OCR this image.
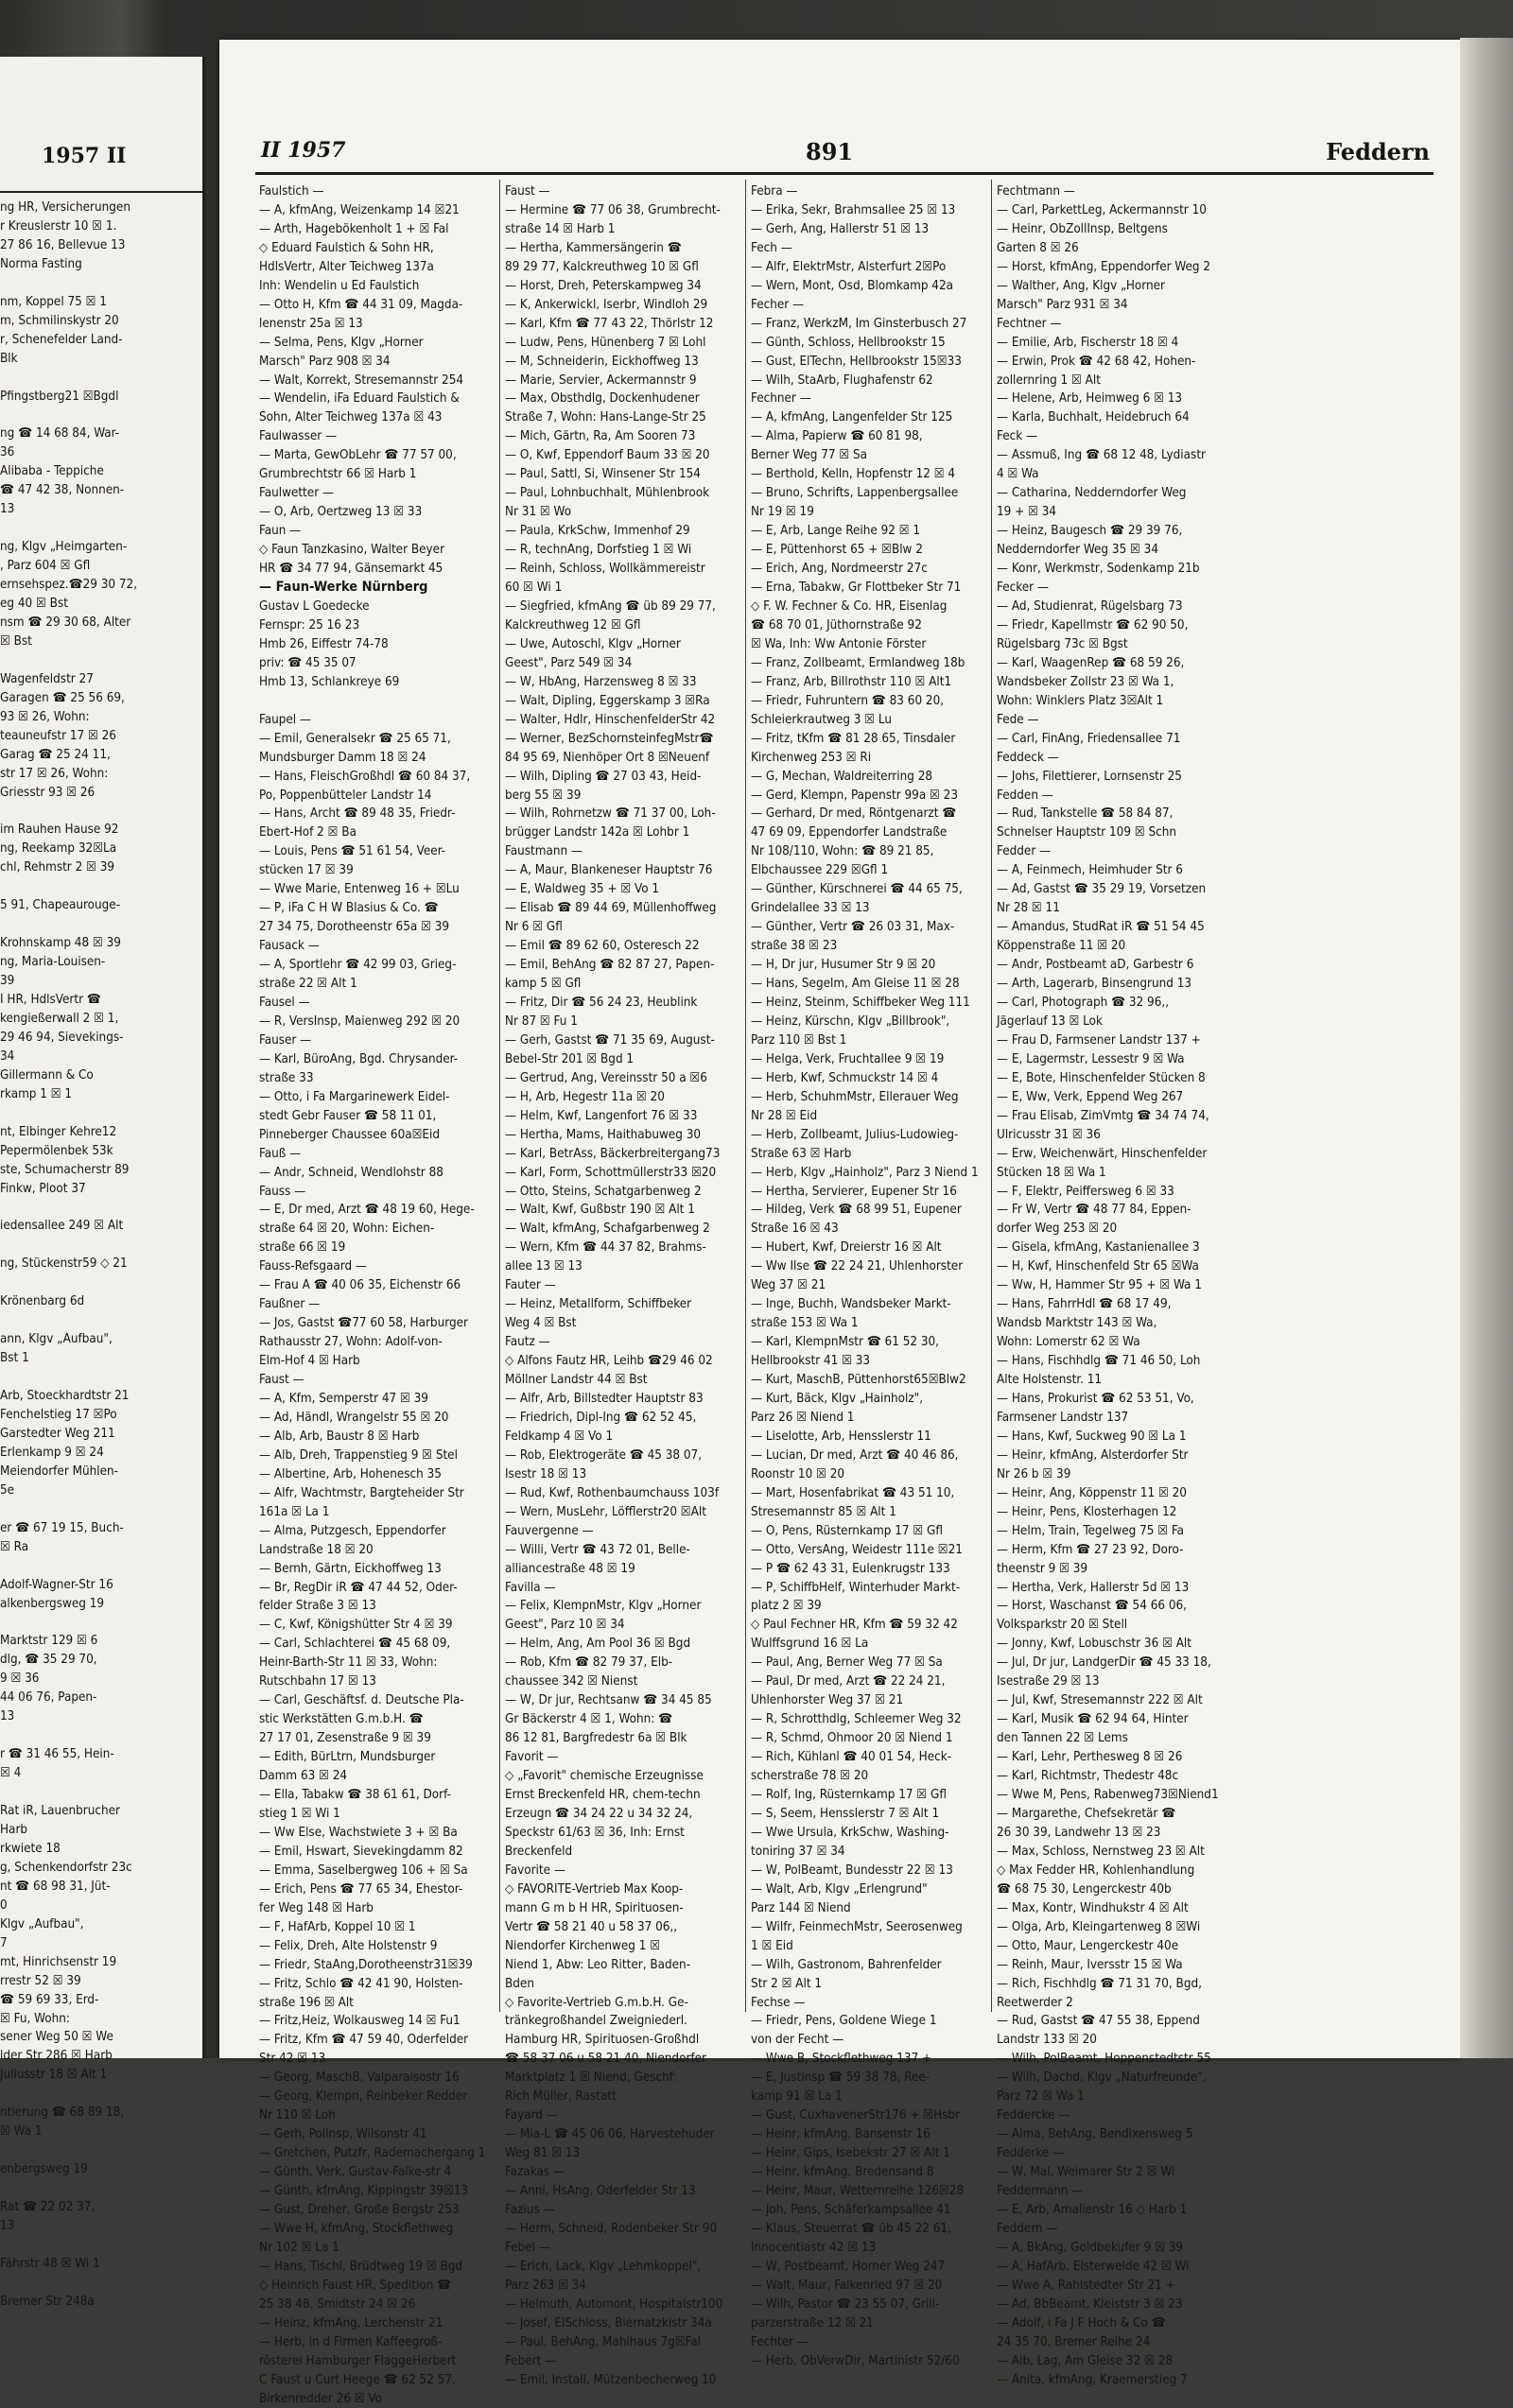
1957 II
ng HR, Versicherungen
r Kreuslerstr 10 ☒ 1.
27 86 16, Bellevue 13
Norma Fasting

nm, Koppel 75 ☒ 1
m, Schmilinskystr 20
r, Schenefelder Land-
Blk

Pfingstberg21 ☒Bgdl

ng ☎ 14 68 84, War-
36
Alibaba - Teppiche
☎ 47 42 38, Nonnen-
13

ng, Klgv „Heimgarten-
, Parz 604 ☒ Gfl
ernsehspez.☎29 30 72,
eg 40 ☒ Bst
nsm ☎ 29 30 68, Alter
☒ Bst

Wagenfeldstr 27
Garagen ☎ 25 56 69,
93 ☒ 26, Wohn:
teauneufstr 17 ☒ 26
Garag ☎ 25 24 11,
str 17 ☒ 26, Wohn:
Griesstr 93 ☒ 26

im Rauhen Hause 92
ng, Reekamp 32☒La
chl, Rehmstr 2 ☒ 39

5 91, Chapeaurouge-

Krohnskamp 48 ☒ 39
ng, Maria-Louisen-
39
I HR, HdlsVertr ☎
kengießerwall 2 ☒ 1,
29 46 94, Sievekings-
34
Gillermann & Co
rkamp 1 ☒ 1

nt, Elbinger Kehre12
Pepermölenbek 53k
ste, Schumacherstr 89
Finkw, Ploot 37

iedensallee 249 ☒ Alt

ng, Stückenstr59 ◇ 21

Krönenbarg 6d

ann, Klgv „Aufbau",
Bst 1

Arb, Stoeckhardtstr 21
Fenchelstieg 17 ☒Po
Garstedter Weg 211
Erlenkamp 9 ☒ 24
Meiendorfer Mühlen-
5e

er ☎ 67 19 15, Buch-
☒ Ra

Adolf-Wagner-Str 16
alkenbergsweg 19

Marktstr 129 ☒ 6
dlg, ☎ 35 29 70,
9 ☒ 36
44 06 76, Papen-
13

r ☎ 31 46 55, Hein-
☒ 4

Rat iR, Lauenbrucher
Harb
rkwiete 18
g, Schenkendorfstr 23c
nt ☎ 68 98 31, Jüt-
0
Klgv „Aufbau",
7
mt, Hinrichsenstr 19
rrestr 52 ☒ 39
☎ 59 69 33, Erd-
☒ Fu, Wohn:
sener Weg 50 ☒ We
lder Str 286 ☒ Harb
Juliusstr 18 ☒ Alt 1

ntierung ☎ 68 89 18,
☒ Wa 1

enbergsweg 19

Rat ☎ 22 02 37,
13

Fährstr 48 ☒ Wi 1

Bremer Str 248a
II 1957	891	Feddern
Faulstich —
— A, kfmAng, Weizenkamp 14 ☒21
— Arth, Hagebökenholt 1 + ☒ Fal
◇ Eduard Faulstich & Sohn HR,
HdlsVertr, Alter Teichweg 137a
Inh: Wendelin u Ed Faulstich
— Otto H, Kfm ☎ 44 31 09, Magda-
lenenstr 25a ☒ 13
— Selma, Pens, Klgv „Horner
Marsch" Parz 908 ☒ 34
— Walt, Korrekt, Stresemannstr 254
— Wendelin, iFa Eduard Faulstich &
Sohn, Alter Teichweg 137a ☒ 43
Faulwasser —
— Marta, GewObLehr ☎ 77 57 00,
Grumbrechtstr 66 ☒ Harb 1
Faulwetter —
— O, Arb, Oertzweg 13 ☒ 33
Faun —
◇ Faun Tanzkasino, Walter Beyer
HR ☎ 34 77 94, Gänsemarkt 45
— Faun-Werke Nürnberg
Gustav L Goedecke
Fernspr: 25 16 23
Hmb 26, Eiffestr 74-78
priv: ☎ 45 35 07
Hmb 13, Schlankreye 69

Faupel —
— Emil, Generalsekr ☎ 25 65 71,
Mundsburger Damm 18 ☒ 24
— Hans, FleischGroßhdl ☎ 60 84 37,
Po, Poppenbütteler Landstr 14
— Hans, Archt ☎ 89 48 35, Friedr-
Ebert-Hof 2 ☒ Ba
— Louis, Pens ☎ 51 61 54, Veer-
stücken 17 ☒ 39
— Wwe Marie, Entenweg 16 + ☒Lu
— P, iFa C H W Blasius & Co. ☎
27 34 75, Dorotheenstr 65a ☒ 39
Fausack —
— A, Sportlehr ☎ 42 99 03, Grieg-
straße 22 ☒ Alt 1
Fausel —
— R, VersInsp, Maienweg 292 ☒ 20
Fauser —
— Karl, BüroAng, Bgd. Chrysander-
straße 33
— Otto, i Fa Margarinewerk Eidel-
stedt Gebr Fauser ☎ 58 11 01,
Pinneberger Chaussee 60a☒Eid
Fauß —
— Andr, Schneid, Wendlohstr 88
Fauss —
— E, Dr med, Arzt ☎ 48 19 60, Hege-
straße 64 ☒ 20, Wohn: Eichen-
straße 66 ☒ 19
Fauss-Refsgaard —
— Frau A ☎ 40 06 35, Eichenstr 66
Faußner —
— Jos, Gastst ☎77 60 58, Harburger
Rathausstr 27, Wohn: Adolf-von-
Elm-Hof 4 ☒ Harb
Faust —
— A, Kfm, Semperstr 47 ☒ 39
— Ad, Händl, Wrangelstr 55 ☒ 20
— Alb, Arb, Baustr 8 ☒ Harb
— Alb, Dreh, Trappenstieg 9 ☒ Stel
— Albertine, Arb, Hohenesch 35
— Alfr, Wachtmstr, Bargteheider Str
161a ☒ La 1
— Alma, Putzgesch, Eppendorfer
Landstraße 18 ☒ 20
— Bernh, Gärtn, Eickhoffweg 13
— Br, RegDir iR ☎ 47 44 52, Oder-
felder Straße 3 ☒ 13
— C, Kwf, Königshütter Str 4 ☒ 39
— Carl, Schlachterei ☎ 45 68 09,
Heinr-Barth-Str 11 ☒ 33, Wohn:
Rutschbahn 17 ☒ 13
— Carl, Geschäftsf. d. Deutsche Pla-
stic Werkstätten G.m.b.H. ☎
27 17 01, Zesenstraße 9 ☒ 39
— Edith, BürLtrn, Mundsburger
Damm 63 ☒ 24
— Ella, Tabakw ☎ 38 61 61, Dorf-
stieg 1 ☒ Wi 1
— Ww Else, Wachstwiete 3 + ☒ Ba
— Emil, Hswart, Sievekingdamm 82
— Emma, Saselbergweg 106 + ☒ Sa
— Erich, Pens ☎ 77 65 34, Ehestor-
fer Weg 148 ☒ Harb
— F, HafArb, Koppel 10 ☒ 1
— Felix, Dreh, Alte Holstenstr 9
— Friedr, StaAng,Dorotheenstr31☒39
— Fritz, Schlo ☎ 42 41 90, Holsten-
straße 196 ☒ Alt
— Fritz,Heiz, Wolkausweg 14 ☒ Fu1
— Fritz, Kfm ☎ 47 59 40, Oderfelder
Str 42 ☒ 13
— Georg, MaschB, Valparaisostr 16
— Georg, Klempn, Reinbeker Redder
Nr 110 ☒ Loh
— Gerh, PolInsp, Wilsonstr 41
— Gretchen, Putzfr, Rademachergang 1
— Günth, Verk, Gustav-Falke-str 4
— Günth, kfmAng, Kippingstr 39☒13
— Gust, Dreher, Große Bergstr 253
— Wwe H, kfmAng, Stockflethweg
Nr 102 ☒ La 1
— Hans, Tischl, Brüdtweg 19 ☒ Bgd
◇ Heinrich Faust HR, Spedition ☎
25 38 48, Smidtstr 24 ☒ 26
— Heinz, kfmAng, Lerchenstr 21
— Herb, in d Firmen Kaffeegroß-
rösterei Hamburger FlaggeHerbert
C Faust u Curt Heege ☎ 62 52 57,
Birkenredder 26 ☒ Vo
Faust —
— Hermine ☎ 77 06 38, Grumbrecht-
straße 14 ☒ Harb 1
— Hertha, Kammersängerin ☎
89 29 77, Kalckreuthweg 10 ☒ Gfl
— Horst, Dreh, Peterskampweg 34
— K, Ankerwickl, Iserbr, Windloh 29
— Karl, Kfm ☎ 77 43 22, Thörlstr 12
— Ludw, Pens, Hünenberg 7 ☒ Lohl
— M, Schneiderin, Eickhoffweg 13
— Marie, Servier, Ackermannstr 9
— Max, Obsthdlg, Dockenhudener
Straße 7, Wohn: Hans-Lange-Str 25
— Mich, Gärtn, Ra, Am Sooren 73
— O, Kwf, Eppendorf Baum 33 ☒ 20
— Paul, Sattl, Si, Winsener Str 154
— Paul, Lohnbuchhalt, Mühlenbrook
Nr 31 ☒ Wo
— Paula, KrkSchw, Immenhof 29
— R, technAng, Dorfstieg 1 ☒ Wi
— Reinh, Schloss, Wollkämmereistr
60 ☒ Wi 1
— Siegfried, kfmAng ☎ üb 89 29 77,
Kalckreuthweg 12 ☒ Gfl
— Uwe, Autoschl, Klgv „Horner
Geest", Parz 549 ☒ 34
— W, HbAng, Harzensweg 8 ☒ 33
— Walt, Dipling, Eggerskamp 3 ☒Ra
— Walter, Hdlr, HinschenfelderStr 42
— Werner, BezSchornsteinfegMstr☎
84 95 69, Nienhöper Ort 8 ☒Neuenf
— Wilh, Dipling ☎ 27 03 43, Heid-
berg 55 ☒ 39
— Wilh, Rohrnetzw ☎ 71 37 00, Loh-
brügger Landstr 142a ☒ Lohbr 1
Faustmann —
— A, Maur, Blankeneser Hauptstr 76
— E, Waldweg 35 + ☒ Vo 1
— Elisab ☎ 89 44 69, Müllenhoffweg
Nr 6 ☒ Gfl
— Emil ☎ 89 62 60, Osteresch 22
— Emil, BehAng ☎ 82 87 27, Papen-
kamp 5 ☒ Gfl
— Fritz, Dir ☎ 56 24 23, Heublink
Nr 87 ☒ Fu 1
— Gerh, Gastst ☎ 71 35 69, August-
Bebel-Str 201 ☒ Bgd 1
— Gertrud, Ang, Vereinsstr 50 a ☒6
— H, Arb, Hegestr 11a ☒ 20
— Helm, Kwf, Langenfort 76 ☒ 33
— Hertha, Mams, Haithabuweg 30
— Karl, BetrAss, Bäckerbreitergang73
— Karl, Form, Schottmüllerstr33 ☒20
— Otto, Steins, Schatgarbenweg 2
— Walt, Kwf, Gußbstr 190 ☒ Alt 1
— Walt, kfmAng, Schafgarbenweg 2
— Wern, Kfm ☎ 44 37 82, Brahms-
allee 13 ☒ 13
Fauter —
— Heinz, Metallform, Schiffbeker
Weg 4 ☒ Bst
Fautz —
◇ Alfons Fautz HR, Leihb ☎29 46 02
Möllner Landstr 44 ☒ Bst
— Alfr, Arb, Billstedter Hauptstr 83
— Friedrich, Dipl-Ing ☎ 62 52 45,
Feldkamp 4 ☒ Vo 1
— Rob, Elektrogeräte ☎ 45 38 07,
Isestr 18 ☒ 13
— Rud, Kwf, Rothenbaumchauss 103f
— Wern, MusLehr, Löfflerstr20 ☒Alt
Fauvergenne —
— Willi, Vertr ☎ 43 72 01, Belle-
alliancestraße 48 ☒ 19
Favilla —
— Felix, KlempnMstr, Klgv „Horner
Geest", Parz 10 ☒ 34
— Helm, Ang, Am Pool 36 ☒ Bgd
— Rob, Kfm ☎ 82 79 37, Elb-
chaussee 342 ☒ Nienst
— W, Dr jur, Rechtsanw ☎ 34 45 85
Gr Bäckerstr 4 ☒ 1, Wohn: ☎
86 12 81, Bargfredestr 6a ☒ Blk
Favorit —
◇ „Favorit" chemische Erzeugnisse
Ernst Breckenfeld HR, chem-techn
Erzeugn ☎ 34 24 22 u 34 32 24,
Speckstr 61/63 ☒ 36, Inh: Ernst
Breckenfeld
Favorite —
◇ FAVORITE-Vertrieb Max Koop-
mann G m b H HR, Spirituosen-
Vertr ☎ 58 21 40 u 58 37 06,,
Niendorfer Kirchenweg 1 ☒
Niend 1, Abw: Leo Ritter, Baden-
Bden
◇ Favorite-Vertrieb G.m.b.H. Ge-
tränkegroßhandel Zweigniederl.
Hamburg HR, Spirituosen-Großhdl
☎ 58 37 06 u 58 21 40, Niendorfer
Marktplatz 1 ☒ Niend, Geschf:
Rich Müller, Rastatt
Fayard —
— Mia-L ☎ 45 06 06, Harvestehuder
Weg 81 ☒ 13
Fazakas —
— Anni, HsAng, Oderfelder Str 13
Fazius —
— Herm, Schneid, Rodenbeker Str 90
Febel —
— Erich, Lack, Klgv „Lehmkoppel",
Parz 263 ☒ 34
— Helmuth, Automont, Hospitalstr100
— Josef, ElSchloss, Biernatzkistr 34a
— Paul, BehAng, Mahlhaus 7g☒Fal
Febert —
— Emil, Install, Mützenbecherweg 10
Febra —
— Erika, Sekr, Brahmsallee 25 ☒ 13
— Gerh, Ang, Hallerstr 51 ☒ 13
Fech —
— Alfr, ElektrMstr, Alsterfurt 2☒Po
— Wern, Mont, Osd, Blomkamp 42a
Fecher —
— Franz, WerkzM, Im Ginsterbusch 27
— Günth, Schloss, Hellbrookstr 15
— Gust, ElTechn, Hellbrookstr 15☒33
— Wilh, StaArb, Flughafenstr 62
Fechner —
— A, kfmAng, Langenfelder Str 125
— Alma, Papierw ☎ 60 81 98,
Berner Weg 77 ☒ Sa
— Berthold, Kelln, Hopfenstr 12 ☒ 4
— Bruno, Schrifts, Lappenbergsallee
Nr 19 ☒ 19
— E, Arb, Lange Reihe 92 ☒ 1
— E, Püttenhorst 65 + ☒Blw 2
— Erich, Ang, Nordmeerstr 27c
— Erna, Tabakw, Gr Flottbeker Str 71
◇ F. W. Fechner & Co. HR, Eisenlag
☎ 68 70 01, Jüthornstraße 92
☒ Wa, Inh: Ww Antonie Förster
— Franz, Zollbeamt, Ermlandweg 18b
— Franz, Arb, Billrothstr 110 ☒ Alt1
— Friedr, Fuhruntern ☎ 83 60 20,
Schleierkrautweg 3 ☒ Lu
— Fritz, tKfm ☎ 81 28 65, Tinsdaler
Kirchenweg 253 ☒ Ri
— G, Mechan, Waldreiterring 28
— Gerd, Klempn, Papenstr 99a ☒ 23
— Gerhard, Dr med, Röntgenarzt ☎
47 69 09, Eppendorfer Landstraße
Nr 108/110, Wohn: ☎ 89 21 85,
Elbchaussee 229 ☒Gfl 1
— Günther, Kürschnerei ☎ 44 65 75,
Grindelallee 33 ☒ 13
— Günther, Vertr ☎ 26 03 31, Max-
straße 38 ☒ 23
— H, Dr jur, Husumer Str 9 ☒ 20
— Hans, Segelm, Am Gleise 11 ☒ 28
— Heinz, Steinm, Schiffbeker Weg 111
— Heinz, Kürschn, Klgv „Billbrook",
Parz 110 ☒ Bst 1
— Helga, Verk, Fruchtallee 9 ☒ 19
— Herb, Kwf, Schmuckstr 14 ☒ 4
— Herb, SchuhmMstr, Ellerauer Weg
Nr 28 ☒ Eid
— Herb, Zollbeamt, Julius-Ludowieg-
Straße 63 ☒ Harb
— Herb, Klgv „Hainholz", Parz 3 Niend 1
— Hertha, Servierer, Eupener Str 16
— Hildeg, Verk ☎ 68 99 51, Eupener
Straße 16 ☒ 43
— Hubert, Kwf, Dreierstr 16 ☒ Alt
— Ww Ilse ☎ 22 24 21, Uhlenhorster
Weg 37 ☒ 21
— Inge, Buchh, Wandsbeker Markt-
straße 153 ☒ Wa 1
— Karl, KlempnMstr ☎ 61 52 30,
Hellbrookstr 41 ☒ 33
— Kurt, MaschB, Püttenhorst65☒Blw2
— Kurt, Bäck, Klgv „Hainholz",
Parz 26 ☒ Niend 1
— Liselotte, Arb, Hensslerstr 11
— Lucian, Dr med, Arzt ☎ 40 46 86,
Roonstr 10 ☒ 20
— Mart, Hosenfabrikat ☎ 43 51 10,
Stresemannstr 85 ☒ Alt 1
— O, Pens, Rüsternkamp 17 ☒ Gfl
— Otto, VersAng, Weidestr 111e ☒21
— P ☎ 62 43 31, Eulenkrugstr 133
— P, SchiffbHelf, Winterhuder Markt-
platz 2 ☒ 39
◇ Paul Fechner HR, Kfm ☎ 59 32 42
Wulffsgrund 16 ☒ La
— Paul, Ang, Berner Weg 77 ☒ Sa
— Paul, Dr med, Arzt ☎ 22 24 21,
Uhlenhorster Weg 37 ☒ 21
— R, Schrotthdlg, Schleemer Weg 32
— R, Schmd, Ohmoor 20 ☒ Niend 1
— Rich, Kühlanl ☎ 40 01 54, Heck-
scherstraße 78 ☒ 20
— Rolf, Ing, Rüsternkamp 17 ☒ Gfl
— S, Seem, Hensslerstr 7 ☒ Alt 1
— Wwe Ursula, KrkSchw, Washing-
toniring 37 ☒ 34
— W, PolBeamt, Bundesstr 22 ☒ 13
— Walt, Arb, Klgv „Erlengrund"
Parz 144 ☒ Niend
— Wilfr, FeinmechMstr, Seerosenweg
1 ☒ Eid
— Wilh, Gastronom, Bahrenfelder
Str 2 ☒ Alt 1
Fechse —
— Friedr, Pens, Goldene Wiege 1
von der Fecht —
— Wwe B, Stockflethweg 137 +
— E, Justinsp ☎ 59 38 78, Ree-
kamp 91 ☒ La 1
— Gust, CuxhavenerStr176 + ☒Hsbr
— Heinr, kfmAng, Bansenstr 16
— Heinr, Gips, Isebekstr 27 ☒ Alt 1
— Heinr, kfmAng, Bredensand 8
— Heinr, Maur, Wetternreihe 126☒28
— Joh, Pens, Schäferkampsallee 41
— Klaus, Steuerrat ☎ üb 45 22 61,
Innocentiastr 42 ☒ 13
— W, Postbeamt, Horner Weg 247
— Walt, Maur, Falkenried 97 ☒ 20
— Wilh, Pastor ☎ 23 55 07, Grill-
parzerstraße 12 ☒ 21
Fechter —
— Herb, ObVerwDir, Martinistr 52/60
Fechtmann —
— Carl, ParkettLeg, Ackermannstr 10
— Heinr, ObZollInsp, Beltgens
Garten 8 ☒ 26
— Horst, kfmAng, Eppendorfer Weg 2
— Walther, Ang, Klgv „Horner
Marsch" Parz 931 ☒ 34
Fechtner —
— Emilie, Arb, Fischerstr 18 ☒ 4
— Erwin, Prok ☎ 42 68 42, Hohen-
zollernring 1 ☒ Alt
— Helene, Arb, Heimweg 6 ☒ 13
— Karla, Buchhalt, Heidebruch 64
Feck —
— Assmuß, Ing ☎ 68 12 48, Lydiastr
4 ☒ Wa
— Catharina, Nedderndorfer Weg
19 + ☒ 34
— Heinz, Baugesch ☎ 29 39 76,
Nedderndorfer Weg 35 ☒ 34
— Konr, Werkmstr, Sodenkamp 21b
Fecker —
— Ad, Studienrat, Rügelsbarg 73
— Friedr, Kapellmstr ☎ 62 90 50,
Rügelsbarg 73c ☒ Bgst
— Karl, WaagenRep ☎ 68 59 26,
Wandsbeker Zollstr 23 ☒ Wa 1,
Wohn: Winklers Platz 3☒Alt 1
Fede —
— Carl, FinAng, Friedensallee 71
Feddeck —
— Johs, Filettierer, Lornsenstr 25
Fedden —
— Rud, Tankstelle ☎ 58 84 87,
Schnelser Hauptstr 109 ☒ Schn
Fedder —
— A, Feinmech, Heimhuder Str 6
— Ad, Gastst ☎ 35 29 19, Vorsetzen
Nr 28 ☒ 11
— Amandus, StudRat iR ☎ 51 54 45
Köppenstraße 11 ☒ 20
— Andr, Postbeamt aD, Garbestr 6
— Arth, Lagerarb, Binsengrund 13
— Carl, Photograph ☎ 32 96,,
Jägerlauf 13 ☒ Lok
— Frau D, Farmsener Landstr 137 +
— E, Lagermstr, Lessestr 9 ☒ Wa
— E, Bote, Hinschenfelder Stücken 8
— E, Ww, Verk, Eppend Weg 267
— Frau Elisab, ZimVmtg ☎ 34 74 74,
Ulricusstr 31 ☒ 36
— Erw, Weichenwärt, Hinschenfelder
Stücken 18 ☒ Wa 1
— F, Elektr, Peiffersweg 6 ☒ 33
— Fr W, Vertr ☎ 48 77 84, Eppen-
dorfer Weg 253 ☒ 20
— Gisela, kfmAng, Kastanienallee 3
— H, Kwf, Hinschenfeld Str 65 ☒Wa
— Ww, H, Hammer Str 95 + ☒ Wa 1
— Hans, FahrrHdl ☎ 68 17 49,
Wandsb Marktstr 143 ☒ Wa,
Wohn: Lomerstr 62 ☒ Wa
— Hans, Fischhdlg ☎ 71 46 50, Loh
Alte Holstenstr. 11
— Hans, Prokurist ☎ 62 53 51, Vo,
Farmsener Landstr 137
— Hans, Kwf, Suckweg 90 ☒ La 1
— Heinr, kfmAng, Alsterdorfer Str
Nr 26 b ☒ 39
— Heinr, Ang, Köppenstr 11 ☒ 20
— Heinr, Pens, Klosterhagen 12
— Helm, Train, Tegelweg 75 ☒ Fa
— Herm, Kfm ☎ 27 23 92, Doro-
theenstr 9 ☒ 39
— Hertha, Verk, Hallerstr 5d ☒ 13
— Horst, Waschanst ☎ 54 66 06,
Volksparkstr 20 ☒ Stell
— Jonny, Kwf, Lobuschstr 36 ☒ Alt
— Jul, Dr jur, LandgerDir ☎ 45 33 18,
Isestraße 29 ☒ 13
— Jul, Kwf, Stresemannstr 222 ☒ Alt
— Karl, Musik ☎ 62 94 64, Hinter
den Tannen 22 ☒ Lems
— Karl, Lehr, Perthesweg 8 ☒ 26
— Karl, Richtmstr, Thedestr 48c
— Wwe M, Pens, Rabenweg73☒Niend1
— Margarethe, Chefsekretär ☎
26 30 39, Landwehr 13 ☒ 23
— Max, Schloss, Nernstweg 23 ☒ Alt
◇ Max Fedder HR, Kohlenhandlung
☎ 68 75 30, Lengerckestr 40b
— Max, Kontr, Windhukstr 4 ☒ Alt
— Olga, Arb, Kleingartenweg 8 ☒Wi
— Otto, Maur, Lengerckestr 40e
— Reinh, Maur, Iversstr 15 ☒ Wa
— Rich, Fischhdlg ☎ 71 31 70, Bgd,
Reetwerder 2
— Rud, Gastst ☎ 47 55 38, Eppend
Landstr 133 ☒ 20
— Wilh, PolBeamt, Hoppenstedtstr 55
— Wilh, Dachd, Klgv „Naturfreunde",
Parz 72 ☒ Wa 1
Feddercke —
— Alma, BehAng, Bendixensweg 5
Fedderke —
— W, Mal, Weimarer Str 2 ☒ Wi
Feddermann —
— E, Arb, Amalienstr 16 ◇ Harb 1
Feddern —
— A, BkAng, Goldbekufer 9 ☒ 39
— A, HafArb, Elsterwelde 42 ☒ Wi
— Wwe A, Rahlstedter Str 21 +
— Ad, BbBeamt, Kleiststr 3 ☒ 23
— Adolf, i Fa J F Hoch & Co ☎
24 35 70, Bremer Reihe 24
— Alb, Lag, Am Gleise 32 ☒ 28
— Anita, kfmAng, Kraemerstieg 7
